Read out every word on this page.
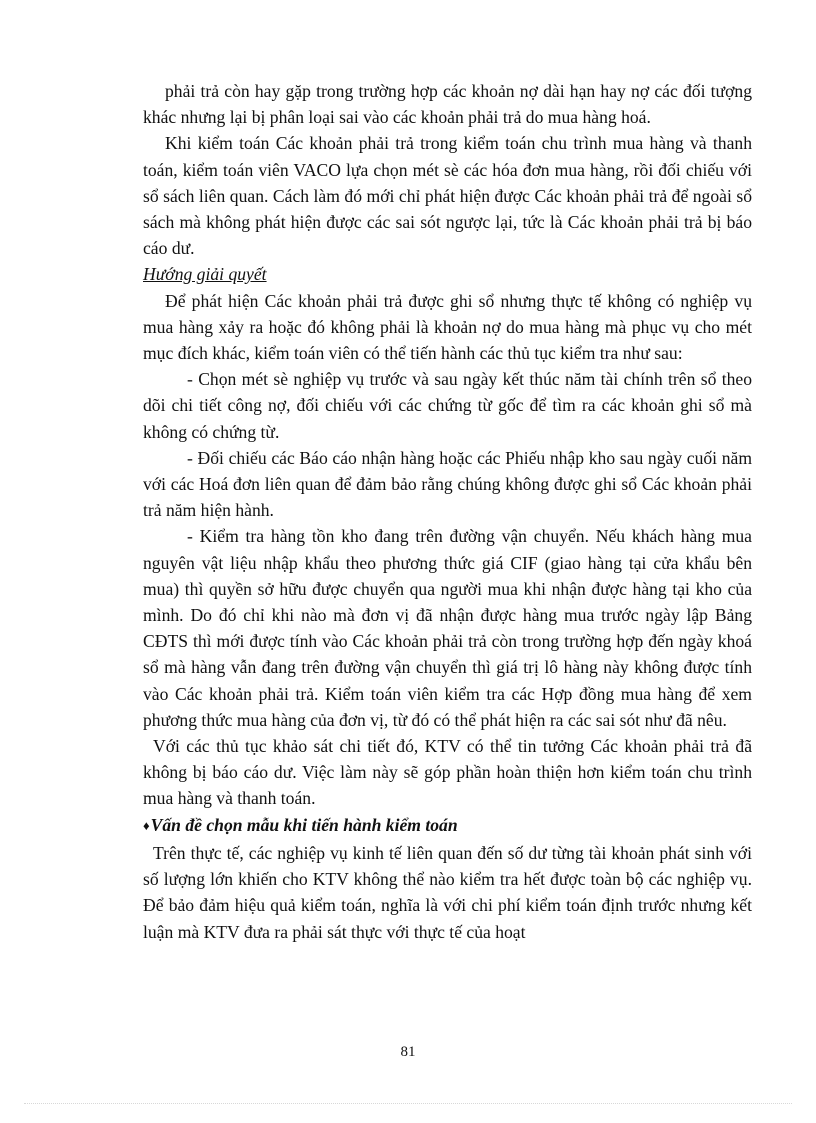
phải trả còn hay gặp trong trường hợp các khoản nợ dài hạn hay nợ các đối tượng khác nhưng lại bị phân loại sai vào các khoản phải trả do mua hàng hoá.

Khi kiểm toán Các khoản phải trả trong kiểm toán chu trình mua hàng và thanh toán, kiểm toán viên VACO lựa chọn mét sè các hóa đơn mua hàng, rồi đối chiếu với sổ sách liên quan. Cách làm đó mới chỉ phát hiện được Các khoản phải trả để ngoài sổ sách mà không phát hiện được các sai sót ngược lại, tức là Các khoản phải trả bị báo cáo dư.

Hướng giải quyết

Để phát hiện Các khoản phải trả được ghi sổ nhưng thực tế không có nghiệp vụ mua hàng xảy ra hoặc đó không phải là khoản nợ do mua hàng mà phục vụ cho mét mục đích khác, kiểm toán viên có thể tiến hành các thủ tục kiểm tra như sau:

- Chọn mét sè nghiệp vụ trước và sau ngày kết thúc năm tài chính trên sổ theo dõi chi tiết công nợ, đối chiếu với các chứng từ gốc để tìm ra các khoản ghi sổ mà không có chứng từ.

- Đối chiếu các Báo cáo nhận hàng hoặc các Phiếu nhập kho sau ngày cuối năm với các Hoá đơn liên quan để đảm bảo rằng chúng không được ghi sổ Các khoản phải trả năm hiện hành.

- Kiểm tra hàng tồn kho đang trên đường vận chuyển. Nếu khách hàng mua nguyên vật liệu nhập khẩu theo phương thức giá CIF (giao hàng tại cửa khẩu bên mua) thì quyền sở hữu được chuyển qua người mua khi nhận được hàng tại kho của mình. Do đó chỉ khi nào mà đơn vị đã nhận được hàng mua trước ngày lập Bảng CĐTS thì mới được tính vào Các khoản phải trả còn trong trường hợp đến ngày khoá sổ mà hàng vẫn đang trên đường vận chuyển thì giá trị lô hàng này không được tính vào Các khoản phải trả. Kiểm toán viên kiểm tra các Hợp đồng mua hàng để xem phương thức mua hàng của đơn vị, từ đó có thể phát hiện ra các sai sót như đã nêu.

Với các thủ tục khảo sát chi tiết đó, KTV có thể tin tưởng Các khoản phải trả đã không bị báo cáo dư. Việc làm này sẽ góp phần hoàn thiện hơn kiểm toán chu trình mua hàng và thanh toán.

♦Vấn đề chọn mẫu khi tiến hành kiểm toán

Trên thực tế, các nghiệp vụ kinh tế liên quan đến số dư từng tài khoản phát sinh với số lượng lớn khiến cho KTV không thể nào kiểm tra hết được toàn bộ các nghiệp vụ. Để bảo đảm hiệu quả kiểm toán, nghĩa là với chi phí kiểm toán định trước nhưng kết luận mà KTV đưa ra phải sát thực với thực tế của hoạt

81
